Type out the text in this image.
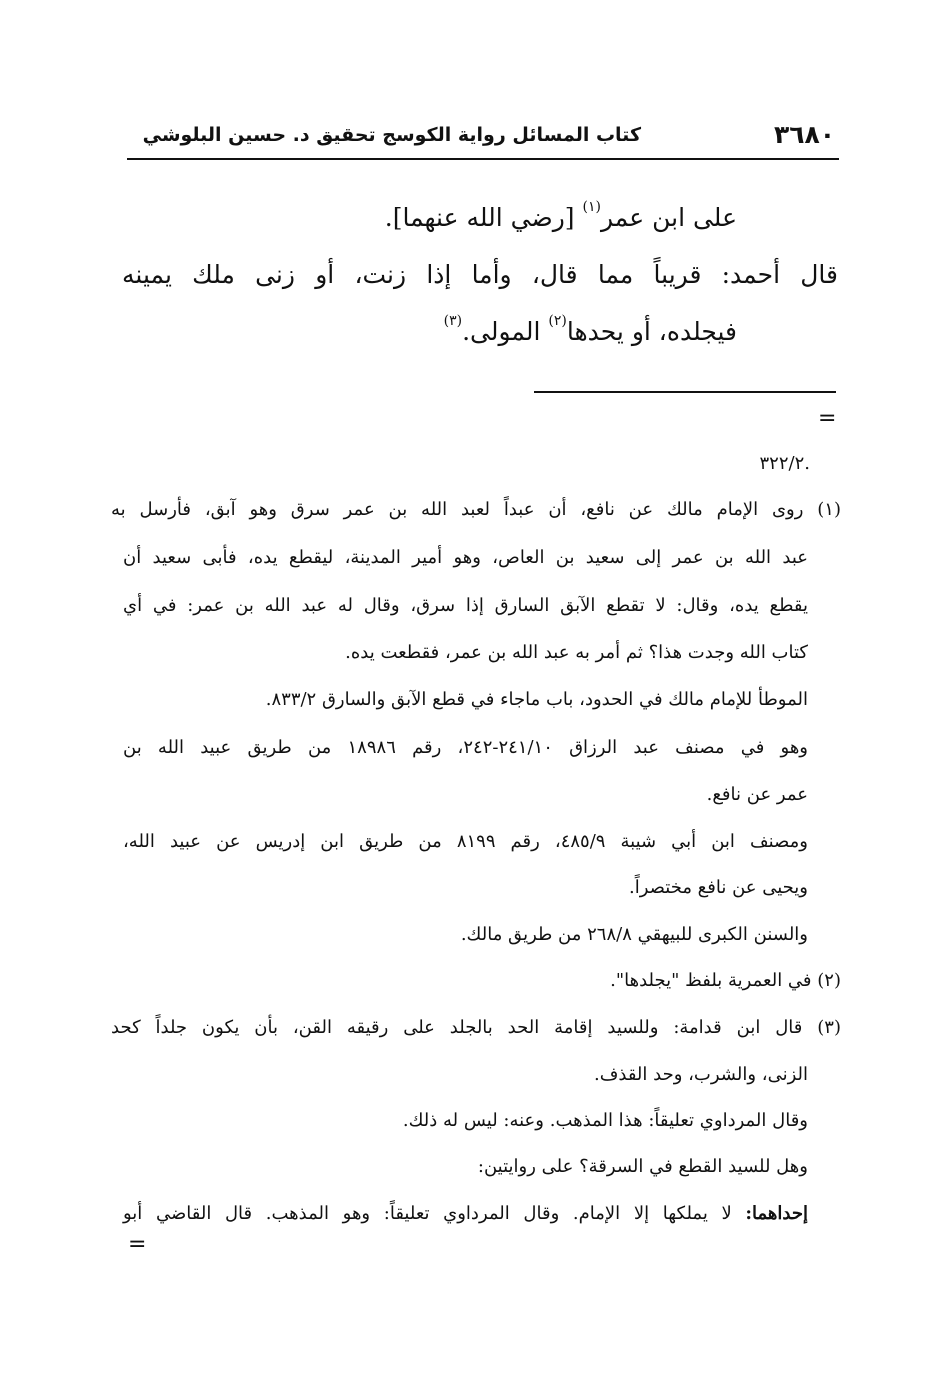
٣٦٨٠
كتاب المسائل رواية الكوسج تحقيق د. حسين البلوشي
على ابن عمر$^{(١)}$ [رضي الله عنهما].
قال أحمد: قريباً مما قال، وأما إذا زنت، أو زنى ملك يمينه
فيجلده، أو يحدها$^{(٢)}$ المولى.$^{(٣)}$
=
.٣٢٢/٢
(١) روى الإمام مالك عن نافع، أن عبداً لعبد الله بن عمر سرق وهو آبق، فأرسل به
عبد الله بن عمر إلى سعيد بن العاص، وهو أمير المدينة، ليقطع يده، فأبى سعيد أن
يقطع يده، وقال: لا تقطع الآبق السارق إذا سرق، وقال له عبد الله بن عمر: في أي
كتاب الله وجدت هذا؟ ثم أمر به عبد الله بن عمر، فقطعت يده.
الموطأ للإمام مالك في الحدود، باب ماجاء في قطع الآبق والسارق ٨٣٣/٢.
وهو في مصنف عبد الرزاق ٢٤١/١٠-٢٤٢، رقم ١٨٩٨٦ من طريق عبيد الله بن
عمر عن نافع.
ومصنف ابن أبي شيبة ٤٨٥/٩، رقم ٨١٩٩ من طريق ابن إدريس عن عبيد الله،
ويحيى عن نافع مختصراً.
والسنن الكبرى للبيهقي ٢٦٨/٨ من طريق مالك.
(٢) في العمرية بلفظ "يجلدها".
(٣) قال ابن قدامة: وللسيد إقامة الحد بالجلد على رقيقه القن، بأن يكون جلداً كحد
الزنى، والشرب، وحد القذف.
وقال المرداوي تعليقاً: هذا المذهب. وعنه: ليس له ذلك.
وهل للسيد القطع في السرقة؟ على روايتين:
إحداهما: لا يملكها إلا الإمام. وقال المرداوي تعليقاً: وهو المذهب. قال القاضي أبو
=
